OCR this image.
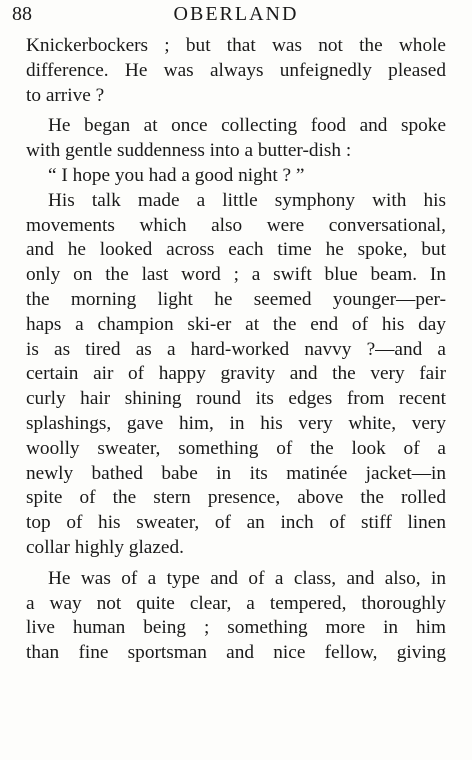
88	OBERLAND
Knickerbockers ; but that was not the whole
difference. He was always unfeignedly pleased
to arrive ?
He began at once collecting food and spoke
with gentle suddenness into a butter-dish :
“ I hope you had a good night ? ”
His talk made a little symphony with his
movements which also were conversational,
and he looked across each time he spoke, but
only on the last word ; a swift blue beam. In
the morning light he seemed younger—per-
haps a champion ski-er at the end of his day
is as tired as a hard-worked navvy ?—and a
certain air of happy gravity and the very fair
curly hair shining round its edges from recent
splashings, gave him, in his very white, very
woolly sweater, something of the look of a
newly bathed babe in its matinée jacket—in
spite of the stern presence, above the rolled
top of his sweater, of an inch of stiff linen
collar highly glazed.
He was of a type and of a class, and also, in
a way not quite clear, a tempered, thoroughly
live human being ; something more in him
than fine sportsman and nice fellow, giving
